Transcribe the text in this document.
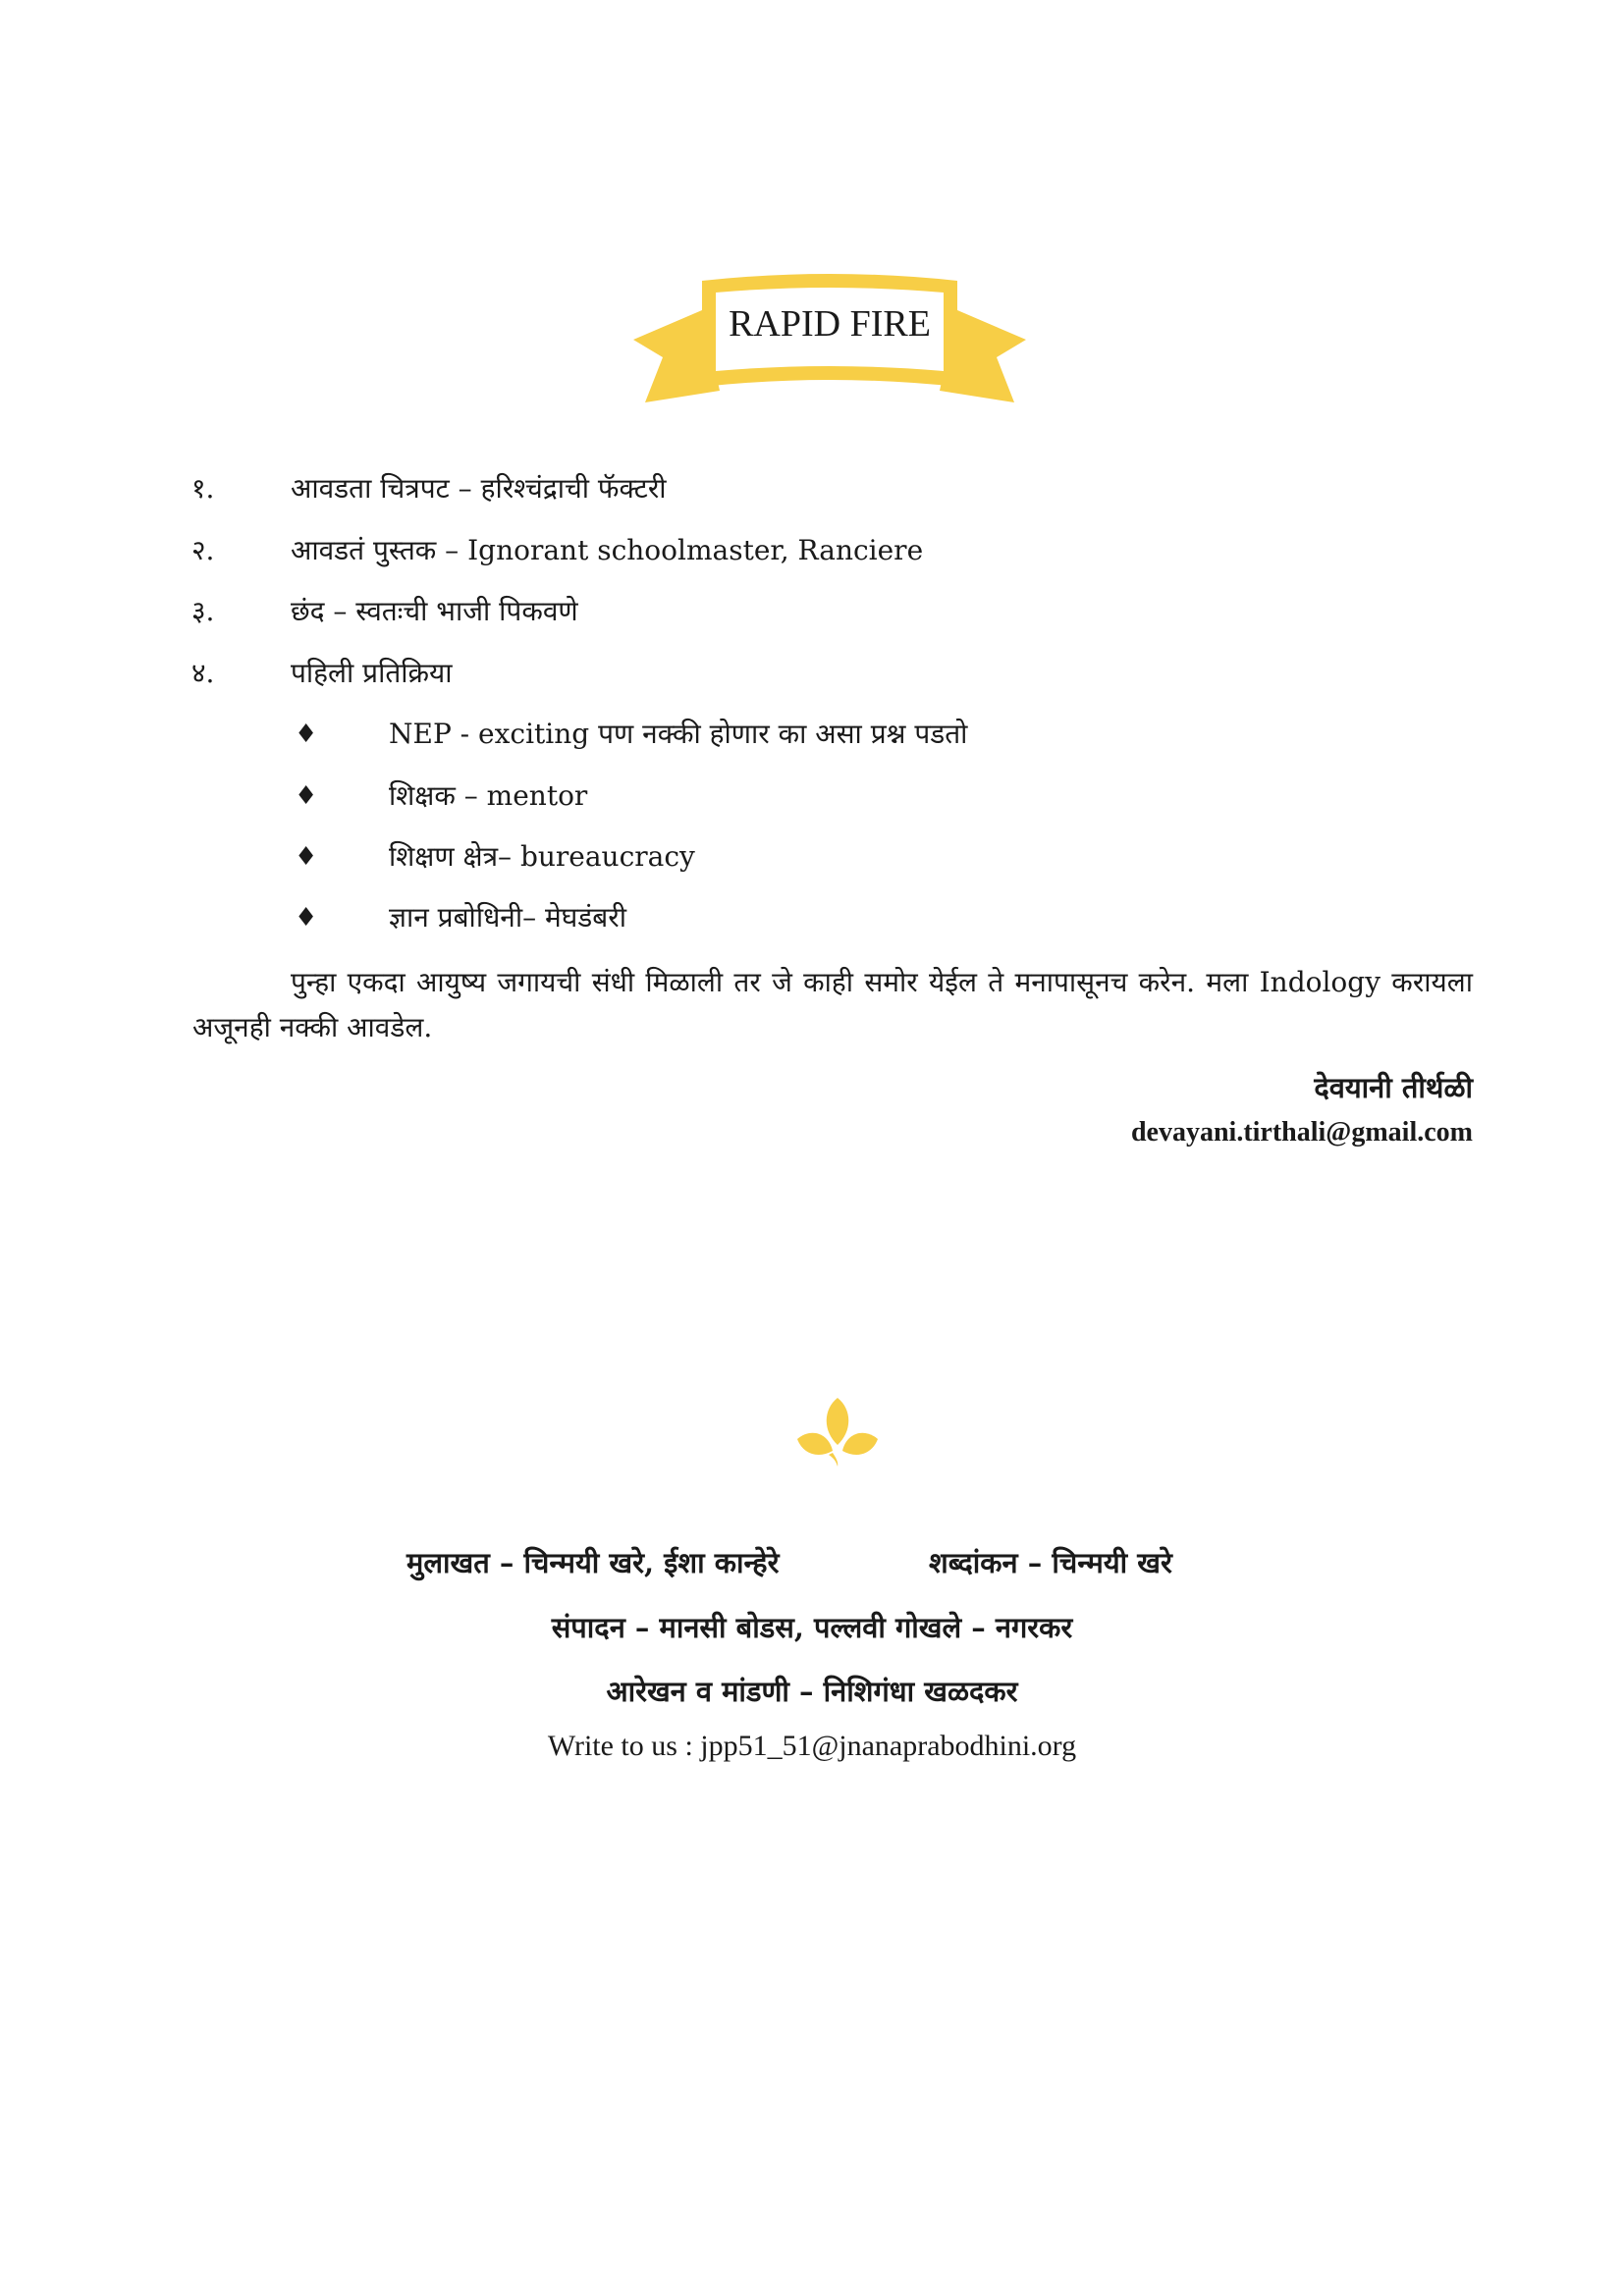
RAPID FIRE
१.	आवडता चित्रपट – हरिश्चंद्राची फॅक्टरी
२.	आवडतं पुस्तक – Ignorant schoolmaster, Ranciere
३.	छंद – स्वतःची भाजी पिकवणे
४.	पहिली प्रतिक्रिया
♦	NEP - exciting पण नक्की होणार का असा प्रश्न पडतो
♦	शिक्षक – mentor
♦	शिक्षण क्षेत्र– bureaucracy
♦	ज्ञान प्रबोधिनी– मेघडंबरी

पुन्हा एकदा आयुष्य जगायची संधी मिळाली तर जे काही समोर येईल ते मनापासूनच करेन. मला Indology करायला अजूनही नक्की आवडेल.

देवयानी तीर्थळी
devayani.tirthali@gmail.com
मुलाखत – चिन्मयी खरे, ईशा कान्हेरे	शब्दांकन – चिन्मयी खरे
संपादन – मानसी बोडस, पल्लवी गोखले – नगरकर
आरेखन व मांडणी – निशिगंधा खळदकर
Write to us : jpp51_51@jnanaprabodhini.org
